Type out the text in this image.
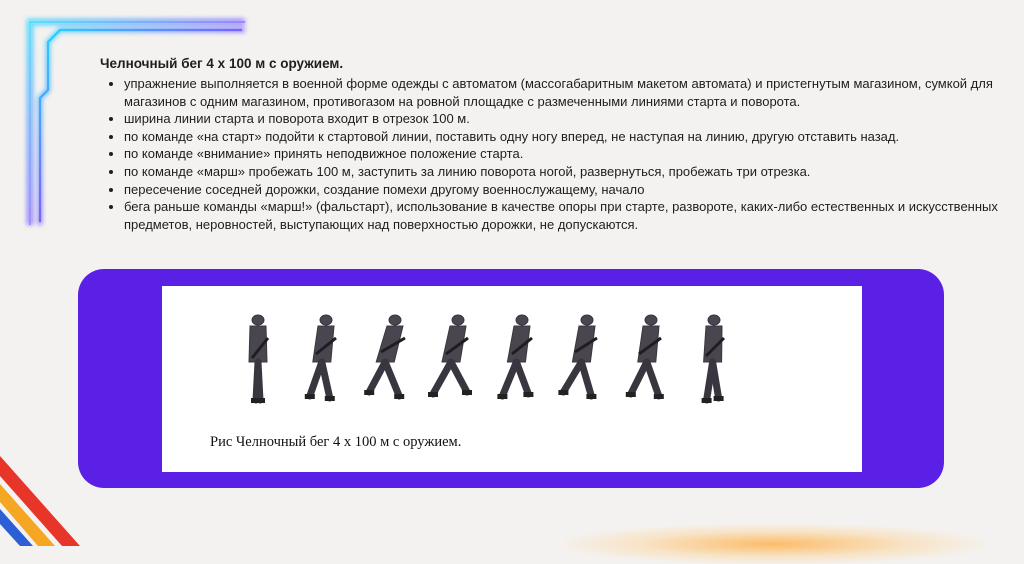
Челночный бег 4 х 100 м с оружием.

• упражнение выполняется в военной форме одежды с автоматом (массогабаритным макетом автомата) и пристегнутым магазином, сумкой для магазинов с одним магазином, противогазом на ровной площадке с размеченными линиями старта и поворота.
• ширина линии старта и поворота входит в отрезок 100 м.
• по команде «на старт» подойти к стартовой линии, поставить одну ногу вперед, не наступая на линию, другую отставить назад.
• по команде «внимание» принять неподвижное положение старта.
• по команде «марш» пробежать 100 м, заступить за линию поворота ногой, развернуться, пробежать три отрезка.
• пересечение соседней дорожки, создание помехи другому военнослужащему, начало
• бега раньше команды «марш!» (фальстарт), использование в качестве опоры при старте, развороте, каких-либо естественных и искусственных предметов, неровностей, выступающих над поверхностью дорожки, не допускаются.
Рис Челночный бег 4 х 100 м с оружием.
